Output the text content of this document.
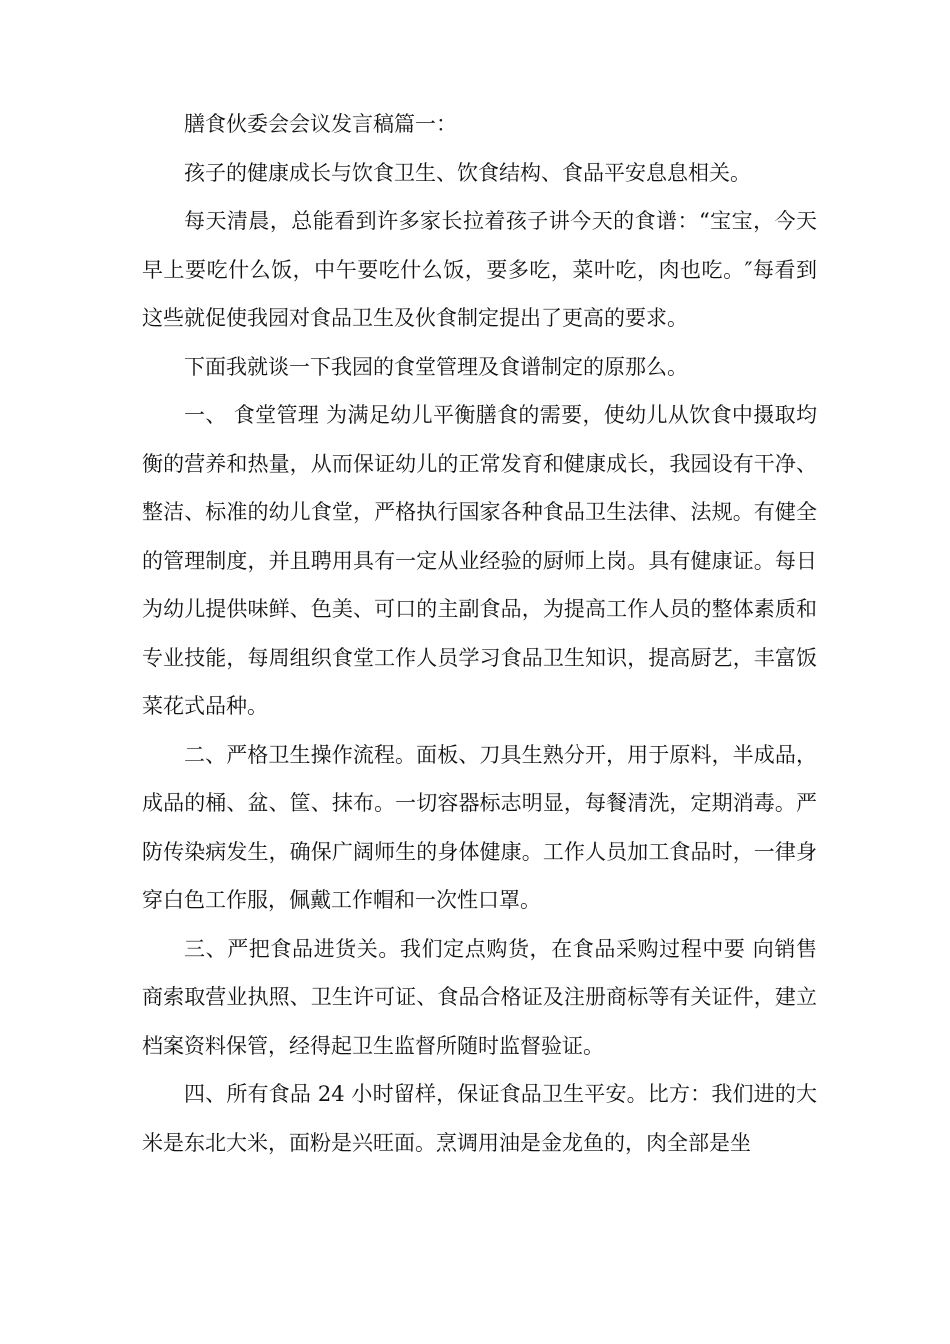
膳食伙委会会议发言稿篇一：

孩子的健康成长与饮食卫生、饮食结构、食品平安息息相关。

每天清晨，总能看到许多家长拉着孩子讲今天的食谱：“宝宝，今天早上要吃什么饭，中午要吃什么饭，要多吃，菜叶吃，肉也吃。″每看到这些就促使我园对食品卫生及伙食制定提出了更高的要求。

下面我就谈一下我园的食堂管理及食谱制定的原那么。

一、 食堂管理 为满足幼儿平衡膳食的需要，使幼儿从饮食中摄取均衡的营养和热量，从而保证幼儿的正常发育和健康成长，我园设有干净、整洁、标准的幼儿食堂，严格执行国家各种食品卫生法律、法规。有健全的管理制度，并且聘用具有一定从业经验的厨师上岗。具有健康证。每日为幼儿提供味鲜、色美、可口的主副食品，为提高工作人员的整体素质和专业技能，每周组织食堂工作人员学习食品卫生知识，提高厨艺，丰富饭菜花式品种。

二、严格卫生操作流程。面板、刀具生熟分开，用于原料，半成品，成品的桶、盆、筐、抹布。一切容器标志明显，每餐清洗，定期消毒。严防传染病发生，确保广阔师生的身体健康。工作人员加工食品时，一律身穿白色工作服，佩戴工作帽和一次性口罩。

三、严把食品进货关。我们定点购货，在食品采购过程中要 向销售商索取营业执照、卫生许可证、食品合格证及注册商标等有关证件，建立档案资料保管，经得起卫生监督所随时监督验证。

四、所有食品 24 小时留样，保证食品卫生平安。比方：我们进的大米是东北大米，面粉是兴旺面。烹调用油是金龙鱼的，肉全部是坐
